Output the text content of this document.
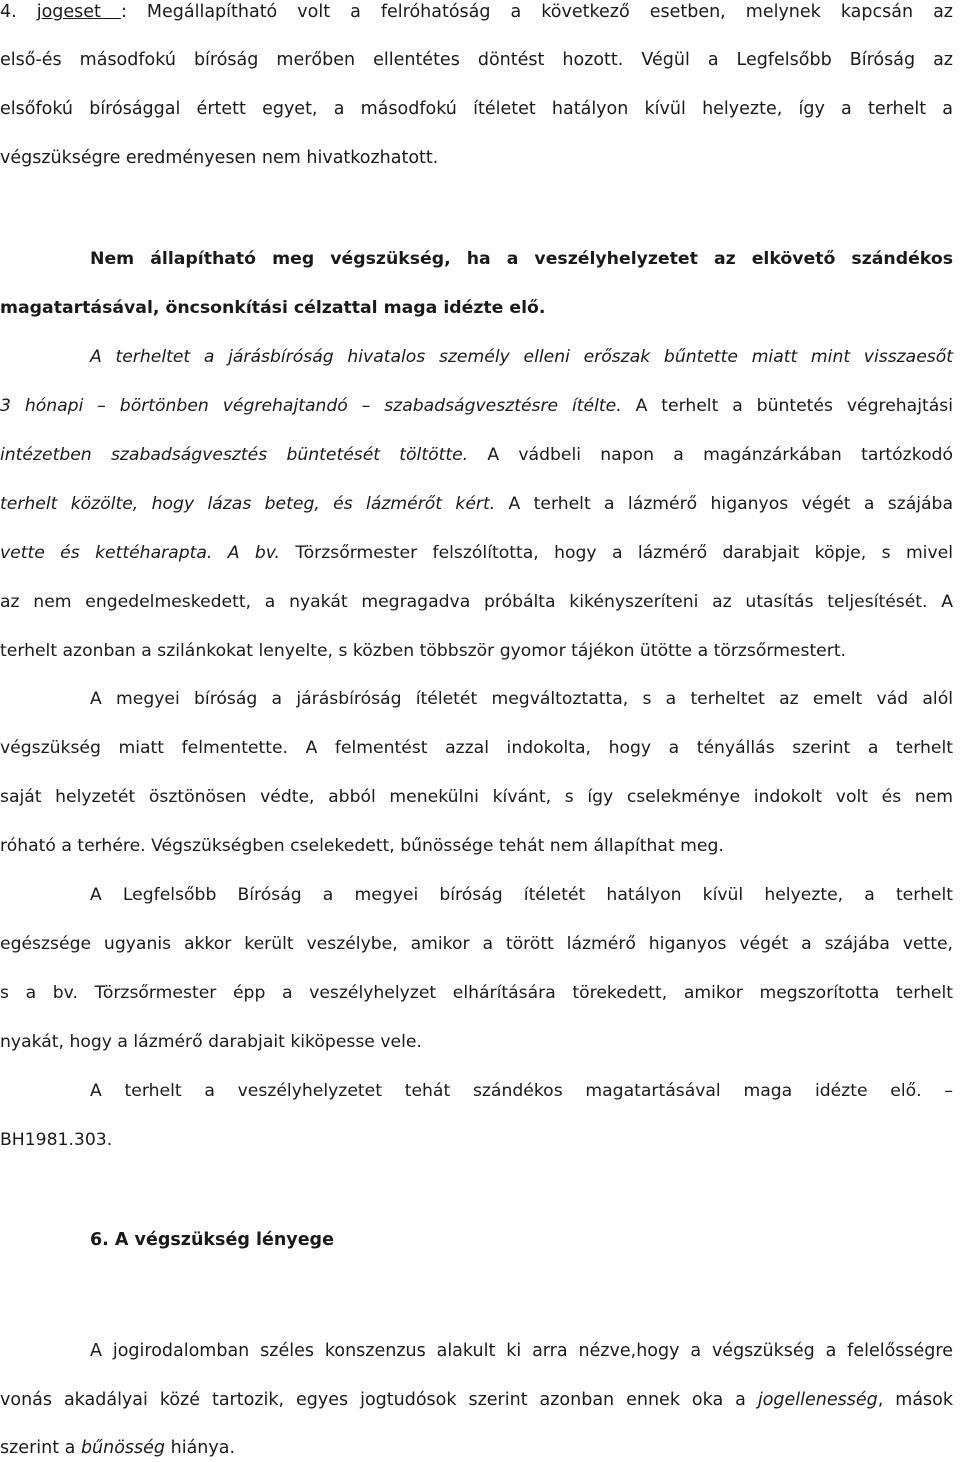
4. jogeset : Megállapítható volt a felróhatóság a következő esetben, melynek kapcsán az
első-és másodfokú bíróság merőben ellentétes döntést hozott. Végül a Legfelsőbb Bíróság az
elsőfokú bírósággal értett egyet, a másodfokú ítéletet hatályon kívül helyezte, így a terhelt a
végszükségre eredményesen nem hivatkozhatott.
Nem állapítható meg végszükség, ha a veszélyhelyzetet az elkövető szándékos
magatartásával, öncsonkítási célzattal maga idézte elő.
A terheltet a járásbíróság hivatalos személy elleni erőszak bűntette miatt mint visszaesőt
3 hónapi – börtönben végrehajtandó – szabadságvesztésre ítélte. A terhelt a büntetés végrehajtási
intézetben szabadságvesztés büntetését töltötte. A vádbeli napon a magánzárkában tartózkodó
terhelt közölte, hogy lázas beteg, és lázmérőt kért. A terhelt a lázmérő higanyos végét a szájába
vette és kettéharapta. A bv. Törzsőrmester felszólította, hogy a lázmérő darabjait köpje, s mivel
az nem engedelmeskedett, a nyakát megragadva próbálta kikényszeríteni az utasítás teljesítését. A
terhelt azonban a szilánkokat lenyelte, s közben többször gyomor tájékon ütötte a törzsőrmestert.
A megyei bíróság a járásbíróság ítéletét megváltoztatta, s a terheltet az emelt vád alól
végszükség miatt felmentette. A felmentést azzal indokolta, hogy a tényállás szerint a terhelt
saját helyzetét ösztönösen védte, abból menekülni kívánt, s így cselekménye indokolt volt és nem
róható a terhére. Végszükségben cselekedett, bűnössége tehát nem állapíthat meg.
A Legfelsőbb Bíróság a megyei bíróság ítéletét hatályon kívül helyezte, a terhelt
egészsége ugyanis akkor került veszélybe, amikor a törött lázmérő higanyos végét a szájába vette,
s a bv. Törzsőrmester épp a veszélyhelyzet elhárítására törekedett, amikor megszorította terhelt
nyakát, hogy a lázmérő darabjait kiköpesse vele.
A terhelt a veszélyhelyzetet tehát szándékos magatartásával maga idézte elő. –
BH1981.303.
6. A végszükség lényege
A jogirodalomban széles konszenzus alakult ki arra nézve,hogy a végszükség a felelősségre
vonás akadályai közé tartozik, egyes jogtudósok szerint azonban ennek oka a jogellenesség, mások
szerint a bűnösség hiánya.
